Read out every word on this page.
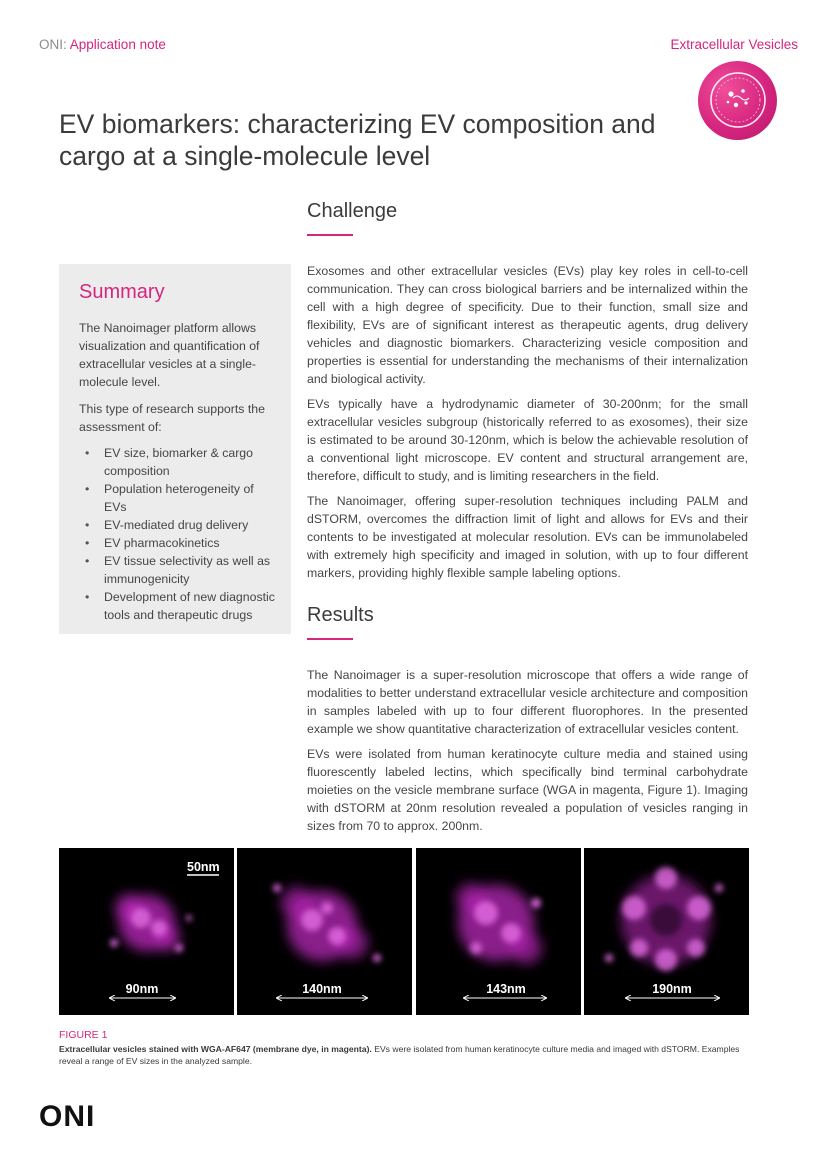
ONI: Application note	Extracellular Vesicles
EV biomarkers: characterizing EV composition and cargo at a single-molecule level
Challenge
Summary

The Nanoimager platform allows visualization and quantification of extracellular vesicles at a single-molecule level.

This type of research supports the assessment of:

• EV size, biomarker & cargo composition
• Population heterogeneity of EVs
• EV-mediated drug delivery
• EV pharmacokinetics
• EV tissue selectivity as well as immunogenicity
• Development of new diagnostic tools and therapeutic drugs

Exosomes and other extracellular vesicles (EVs) play key roles in cell-to-cell communication. They can cross biological barriers and be internalized within the cell with a high degree of specificity. Due to their function, small size and flexibility, EVs are of significant interest as therapeutic agents, drug delivery vehicles and diagnostic biomarkers. Characterizing vesicle composition and properties is essential for understanding the mechanisms of their internalization and biological activity.

EVs typically have a hydrodynamic diameter of 30-200nm; for the small extracellular vesicles subgroup (historically referred to as exosomes), their size is estimated to be around 30-120nm, which is below the achievable resolution of a conventional light microscope. EV content and structural arrangement are, therefore, difficult to study, and is limiting researchers in the field.

The Nanoimager, offering super-resolution techniques including PALM and dSTORM, overcomes the diffraction limit of light and allows for EVs and their contents to be investigated at molecular resolution. EVs can be immunolabeled with extremely high specificity and imaged in solution, with up to four different markers, providing highly flexible sample labeling options.

Results

The Nanoimager is a super-resolution microscope that offers a wide range of modalities to better understand extracellular vesicle architecture and composition in samples labeled with up to four different fluorophores. In the presented example we show quantitative characterization of extracellular vesicles content.

EVs were isolated from human keratinocyte culture media and stained using fluorescently labeled lectins, which specifically bind terminal carbohydrate moieties on the vesicle membrane surface (WGA in magenta, Figure 1). Imaging with dSTORM at 20nm resolution revealed a population of vesicles ranging in sizes from 70 to approx. 200nm.

50nm
90nm	140nm	143nm	190nm
FIGURE 1
Extracellular vesicles stained with WGA-AF647 (membrane dye, in magenta). EVs were isolated from human keratinocyte culture media and imaged with dSTORM. Examples reveal a range of EV sizes in the analyzed sample.
ONI
